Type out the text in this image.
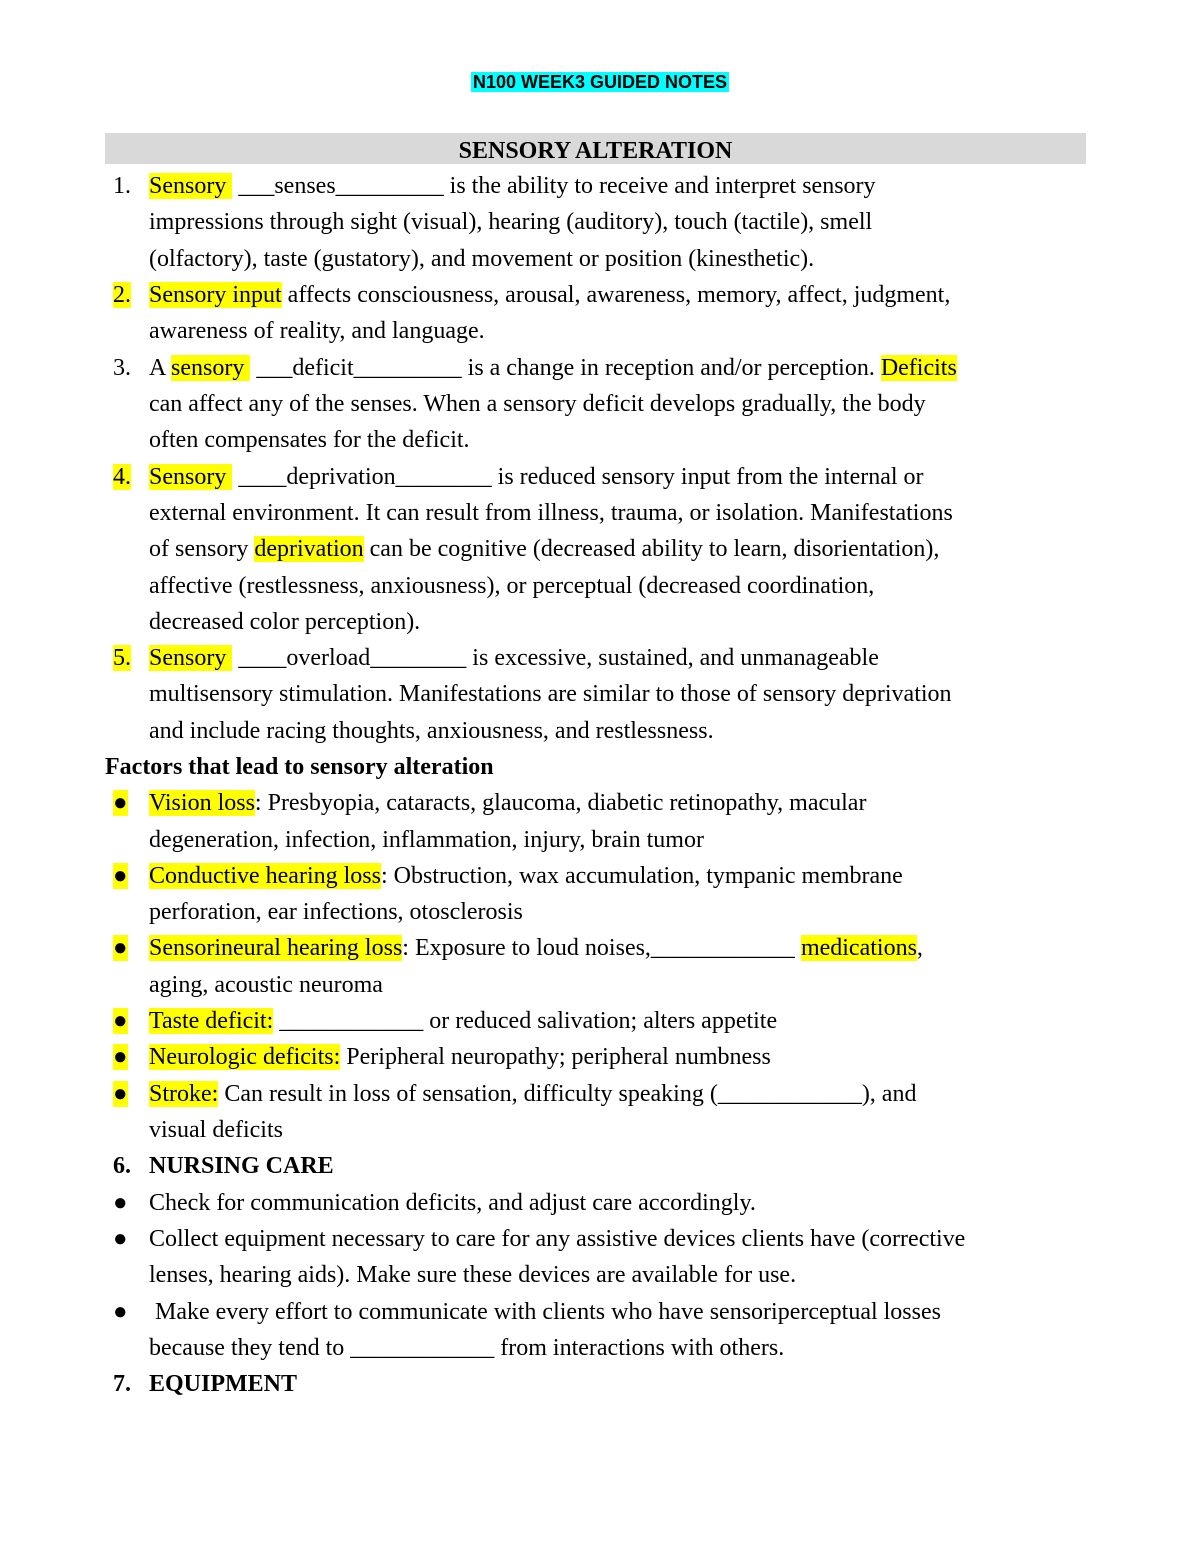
N100 WEEK3 GUIDED NOTES
SENSORY ALTERATION
1. Sensory  ___senses_________ is the ability to receive and interpret sensory
impressions through sight (visual), hearing (auditory), touch (tactile), smell
(olfactory), taste (gustatory), and movement or position (kinesthetic).
2. Sensory input affects consciousness, arousal, awareness, memory, affect, judgment,
awareness of reality, and language.
3. A sensory  ___deficit_________ is a change in reception and/or perception. Deficits
can affect any of the senses. When a sensory deficit develops gradually, the body
often compensates for the deficit.
4. Sensory  ____deprivation________ is reduced sensory input from the internal or
external environment. It can result from illness, trauma, or isolation. Manifestations
of sensory deprivation can be cognitive (decreased ability to learn, disorientation),
affective (restlessness, anxiousness), or perceptual (decreased coordination,
decreased color perception).
5. Sensory  ____overload________ is excessive, sustained, and unmanageable
multisensory stimulation. Manifestations are similar to those of sensory deprivation
and include racing thoughts, anxiousness, and restlessness.
Factors that lead to sensory alteration
● Vision loss: Presbyopia, cataracts, glaucoma, diabetic retinopathy, macular
degeneration, infection, inflammation, injury, brain tumor
● Conductive hearing loss: Obstruction, wax accumulation, tympanic membrane
perforation, ear infections, otosclerosis
● Sensorineural hearing loss: Exposure to loud noises,____________ medications,
aging, acoustic neuroma
● Taste deficit: ____________ or reduced salivation; alters appetite
● Neurologic deficits: Peripheral neuropathy; peripheral numbness
● Stroke: Can result in loss of sensation, difficulty speaking (____________), and
visual deficits
6. NURSING CARE
● Check for communication deficits, and adjust care accordingly.
● Collect equipment necessary to care for any assistive devices clients have (corrective
lenses, hearing aids). Make sure these devices are available for use.
● Make every effort to communicate with clients who have sensoriperceptual losses
because they tend to ____________ from interactions with others.
7. EQUIPMENT
